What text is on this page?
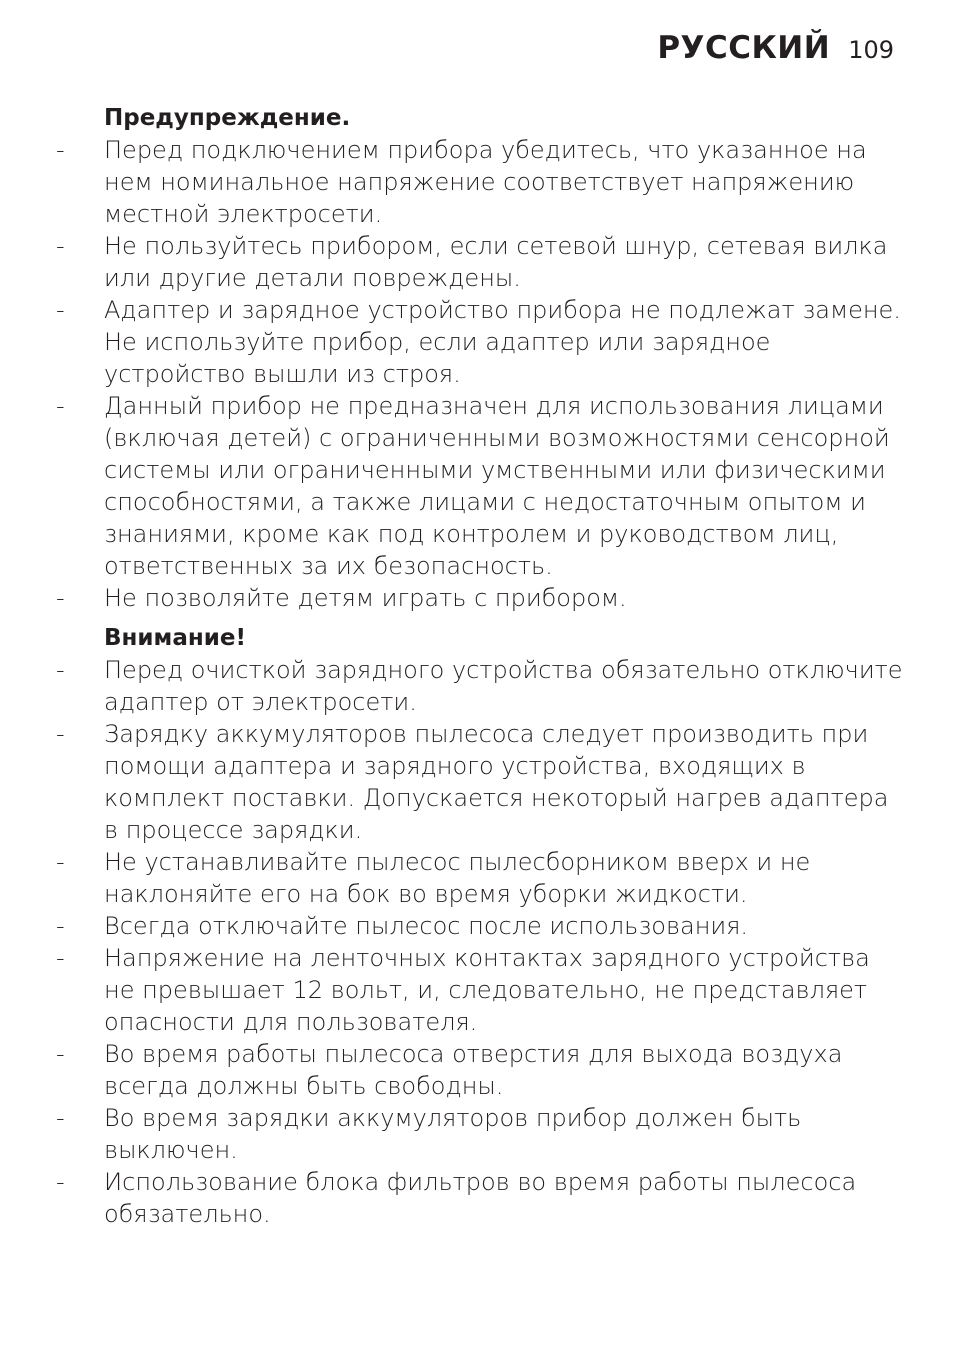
РУССКИЙ 109
Предупреждение.
-	Перед подключением прибора убедитесь, что указанное на нем номинальное напряжение соответствует напряжению местной электросети.
-	Не пользуйтесь прибором, если сетевой шнур, сетевая вилка или другие детали повреждены.
-	Адаптер и зарядное устройство прибора не подлежат замене. Не используйте прибор, если адаптер или зарядное устройство вышли из строя.
-	Данный прибор не предназначен для использования лицами (включая детей) с ограниченными возможностями сенсорной системы или ограниченными умственными или физическими способностями, а также лицами с недостаточным опытом и знаниями, кроме как под контролем и руководством лиц, ответственных за их безопасность.
-	Не позволяйте детям играть с прибором.
Внимание!
-	Перед очисткой зарядного устройства обязательно отключите адаптер от электросети.
-	Зарядку аккумуляторов пылесоса следует производить при помощи адаптера и зарядного устройства, входящих в комплект поставки. Допускается некоторый нагрев адаптера в процессе зарядки.
-	Не устанавливайте пылесос пылесборником вверх и не наклоняйте его на бок во время уборки жидкости.
-	Всегда отключайте пылесос после использования.
-	Напряжение на ленточных контактах зарядного устройства не превышает 12 вольт, и, следовательно, не представляет опасности для пользователя.
-	Во время работы пылесоса отверстия для выхода воздуха всегда должны быть свободны.
-	Во время зарядки аккумуляторов прибор должен быть выключен.
-	Использование блока фильтров во время работы пылесоса обязательно.
